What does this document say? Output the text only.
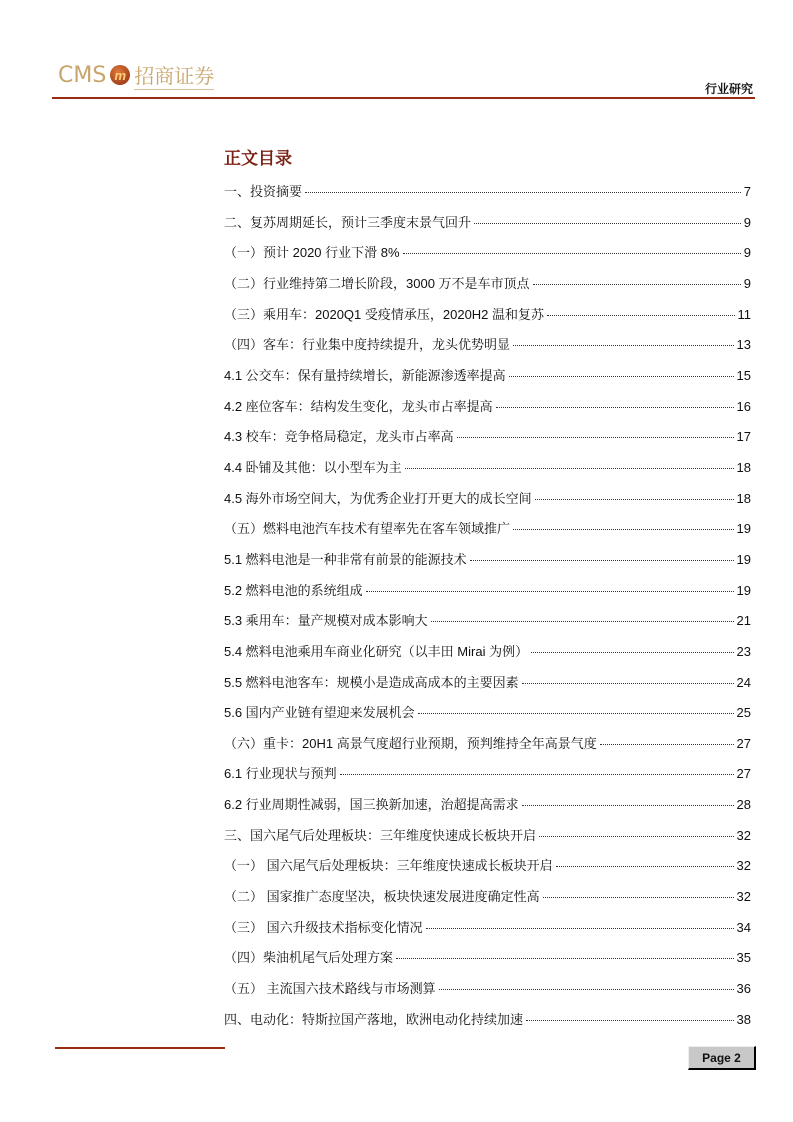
CMS m 招商证券
行业研究
正文目录
一、投资摘要	7
二、复苏周期延长，预计三季度末景气回升	9
（一）预计 2020 行业下滑 8%	9
（二）行业维持第二增长阶段，3000 万不是车市顶点	9
（三）乘用车：2020Q1 受疫情承压，2020H2 温和复苏	11
（四）客车：行业集中度持续提升，龙头优势明显	13
4.1 公交车：保有量持续增长，新能源渗透率提高	15
4.2 座位客车：结构发生变化，龙头市占率提高	16
4.3 校车：竞争格局稳定，龙头市占率高	17
4.4 卧铺及其他：以小型车为主	18
4.5 海外市场空间大，为优秀企业打开更大的成长空间	18
（五）燃料电池汽车技术有望率先在客车领域推广	19
5.1 燃料电池是一种非常有前景的能源技术	19
5.2 燃料电池的系统组成	19
5.3 乘用车：量产规模对成本影响大	21
5.4 燃料电池乘用车商业化研究（以丰田 Mirai 为例）	23
5.5 燃料电池客车：规模小是造成高成本的主要因素	24
5.6 国内产业链有望迎来发展机会	25
（六）重卡：20H1 高景气度超行业预期，预判维持全年高景气度	27
6.1 行业现状与预判	27
6.2 行业周期性减弱，国三换新加速，治超提高需求	28
三、国六尾气后处理板块：三年维度快速成长板块开启	32
（一） 国六尾气后处理板块：三年维度快速成长板块开启	32
（二） 国家推广态度坚决，板块快速发展进度确定性高	32
（三） 国六升级技术指标变化情况	34
（四）柴油机尾气后处理方案	35
（五） 主流国六技术路线与市场测算	36
四、电动化：特斯拉国产落地，欧洲电动化持续加速	38
Page 2
